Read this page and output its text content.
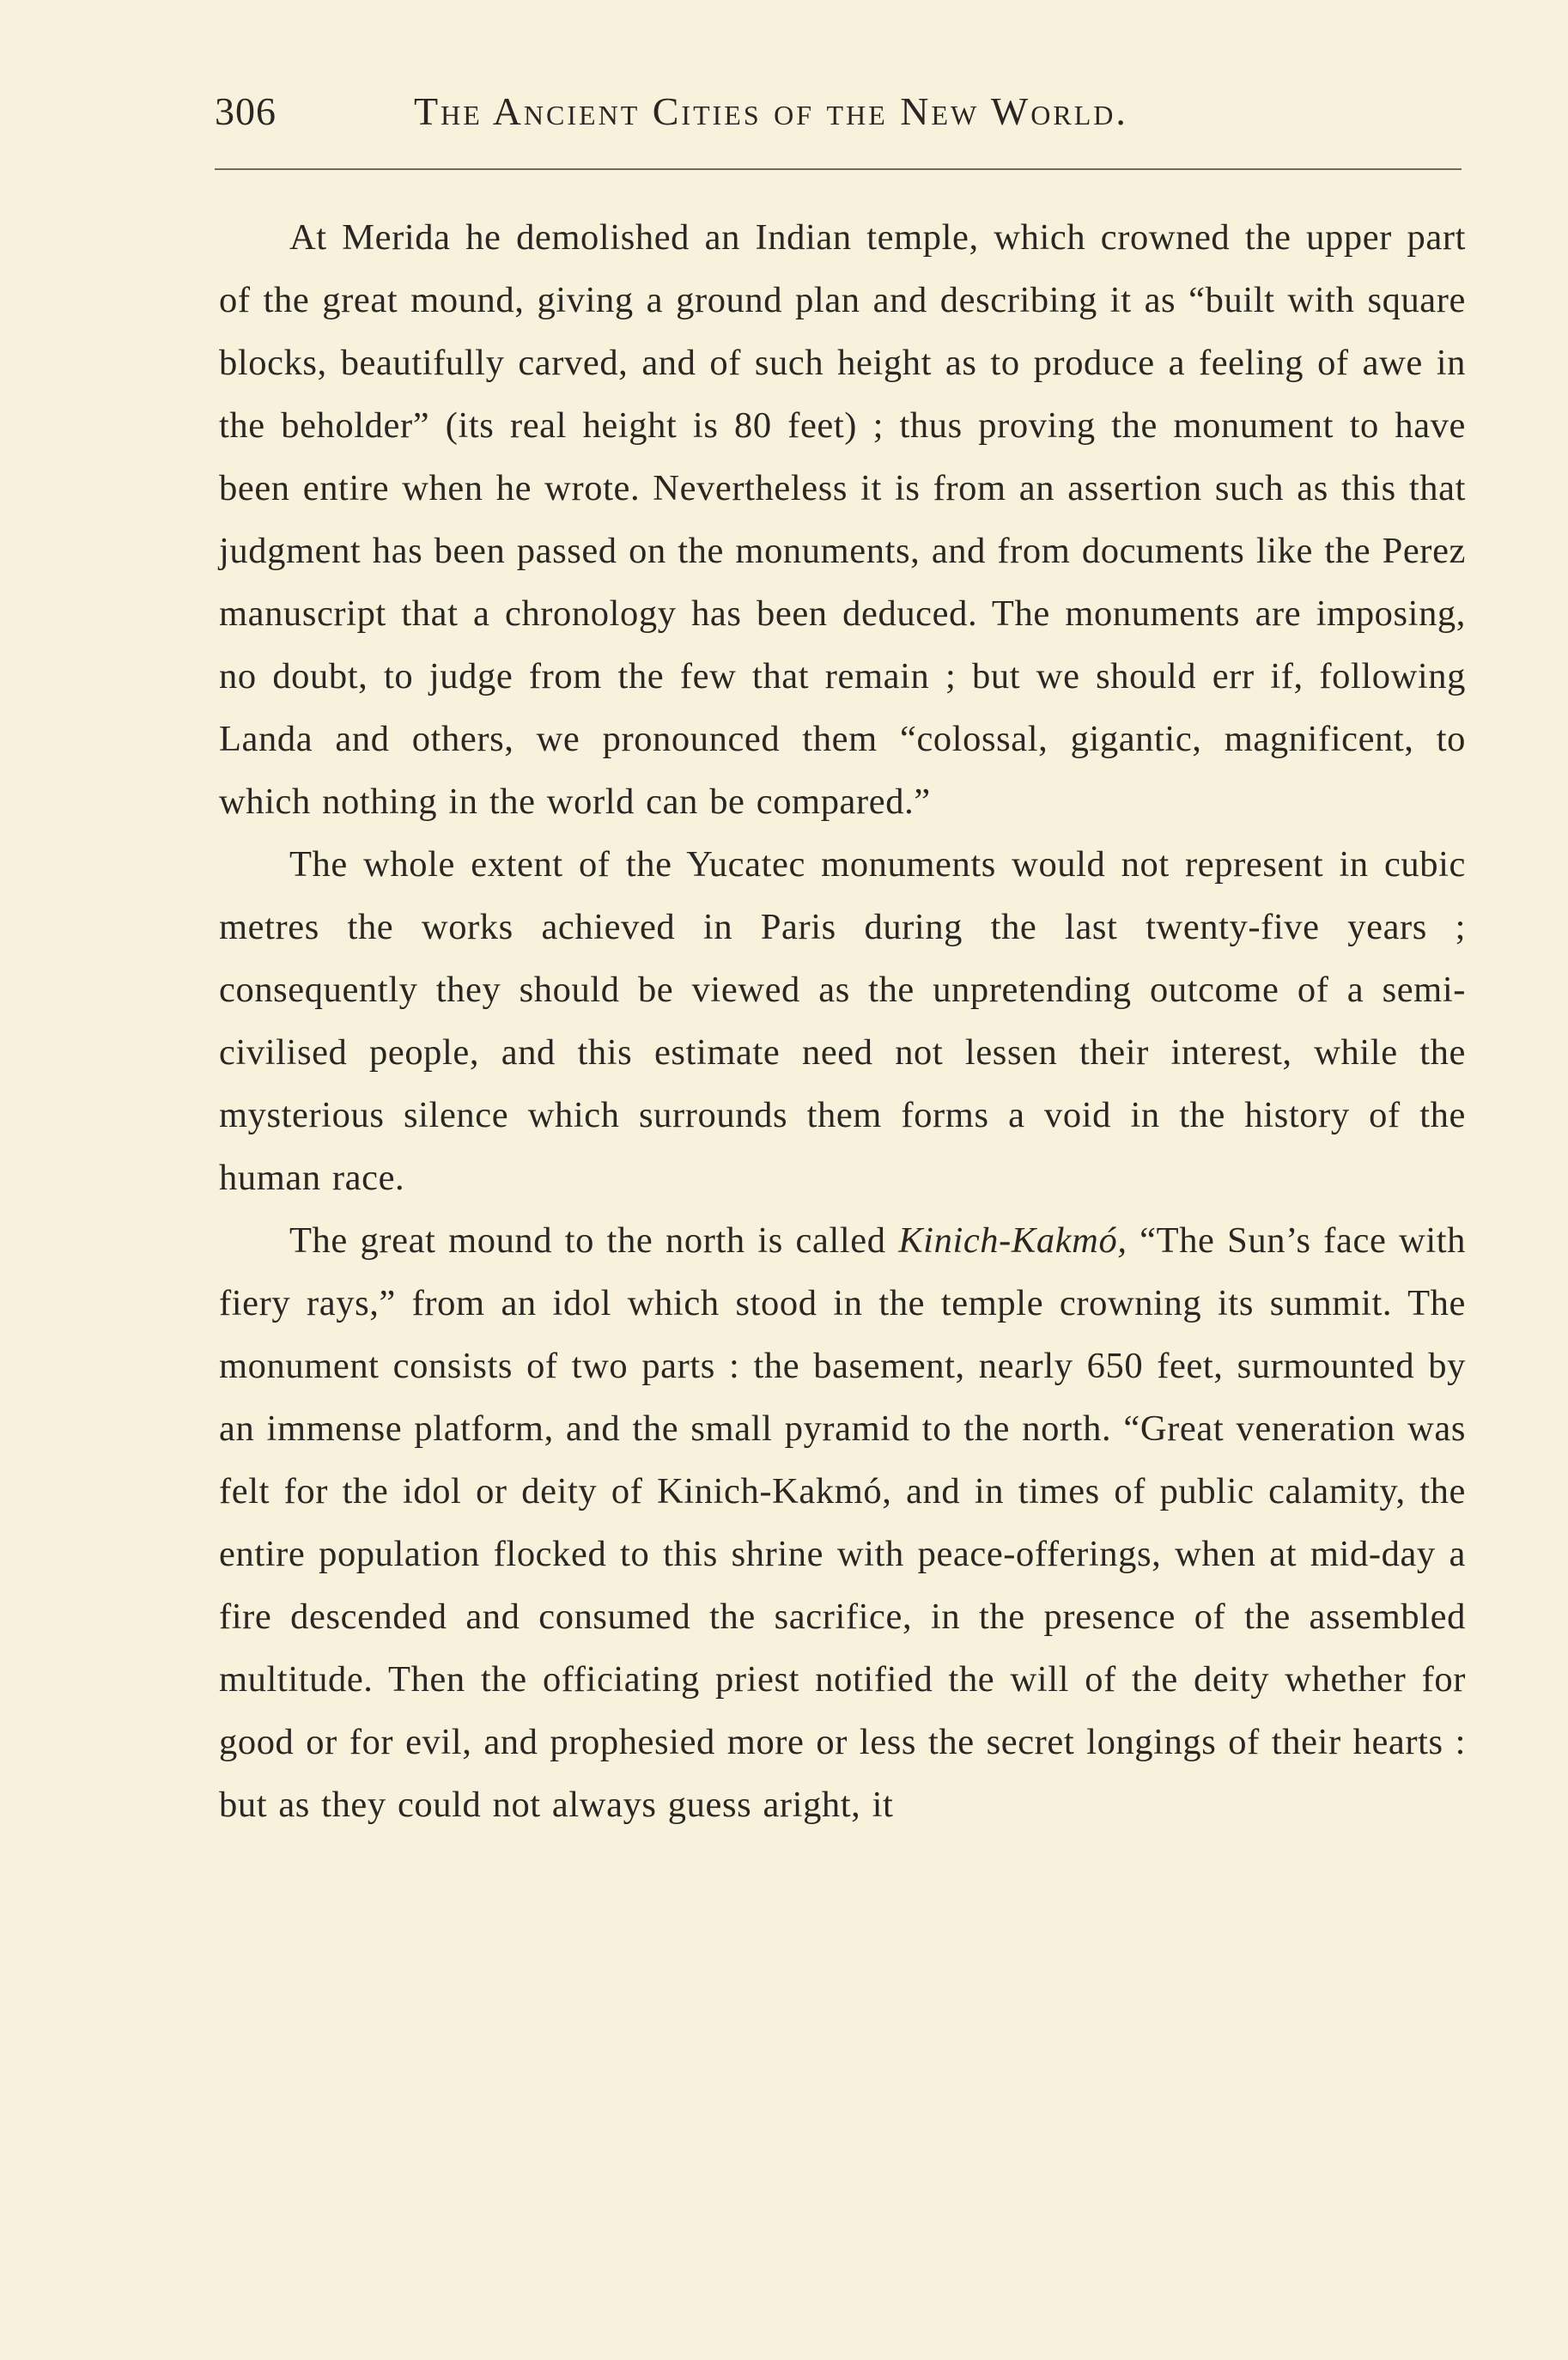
306	The Ancient Cities of the New World.

At Merida he demolished an Indian temple, which crowned the upper part of the great mound, giving a ground plan and describing it as “built with square blocks, beautifully carved, and of such height as to produce a feeling of awe in the beholder” (its real height is 80 feet) ; thus proving the monument to have been entire when he wrote. Nevertheless it is from an assertion such as this that judgment has been passed on the monuments, and from documents like the Perez manuscript that a chronology has been deduced. The monuments are imposing, no doubt, to judge from the few that remain ; but we should err if, following Landa and others, we pronounced them “colossal, gigantic, magnificent, to which nothing in the world can be compared.”

The whole extent of the Yucatec monuments would not represent in cubic metres the works achieved in Paris during the last twenty-five years ; consequently they should be viewed as the unpretending outcome of a semi-civilised people, and this estimate need not lessen their interest, while the mysterious silence which surrounds them forms a void in the history of the human race.

The great mound to the north is called Kinich-Kakmó, “The Sun’s face with fiery rays,” from an idol which stood in the temple crowning its summit. The monument consists of two parts : the basement, nearly 650 feet, surmounted by an immense platform, and the small pyramid to the north. “Great veneration was felt for the idol or deity of Kinich-Kakmó, and in times of public calamity, the entire population flocked to this shrine with peace-offerings, when at mid-day a fire descended and consumed the sacrifice, in the presence of the assembled multitude. Then the officiating priest notified the will of the deity whether for good or for evil, and prophesied more or less the secret longings of their hearts : but as they could not always guess aright, it
